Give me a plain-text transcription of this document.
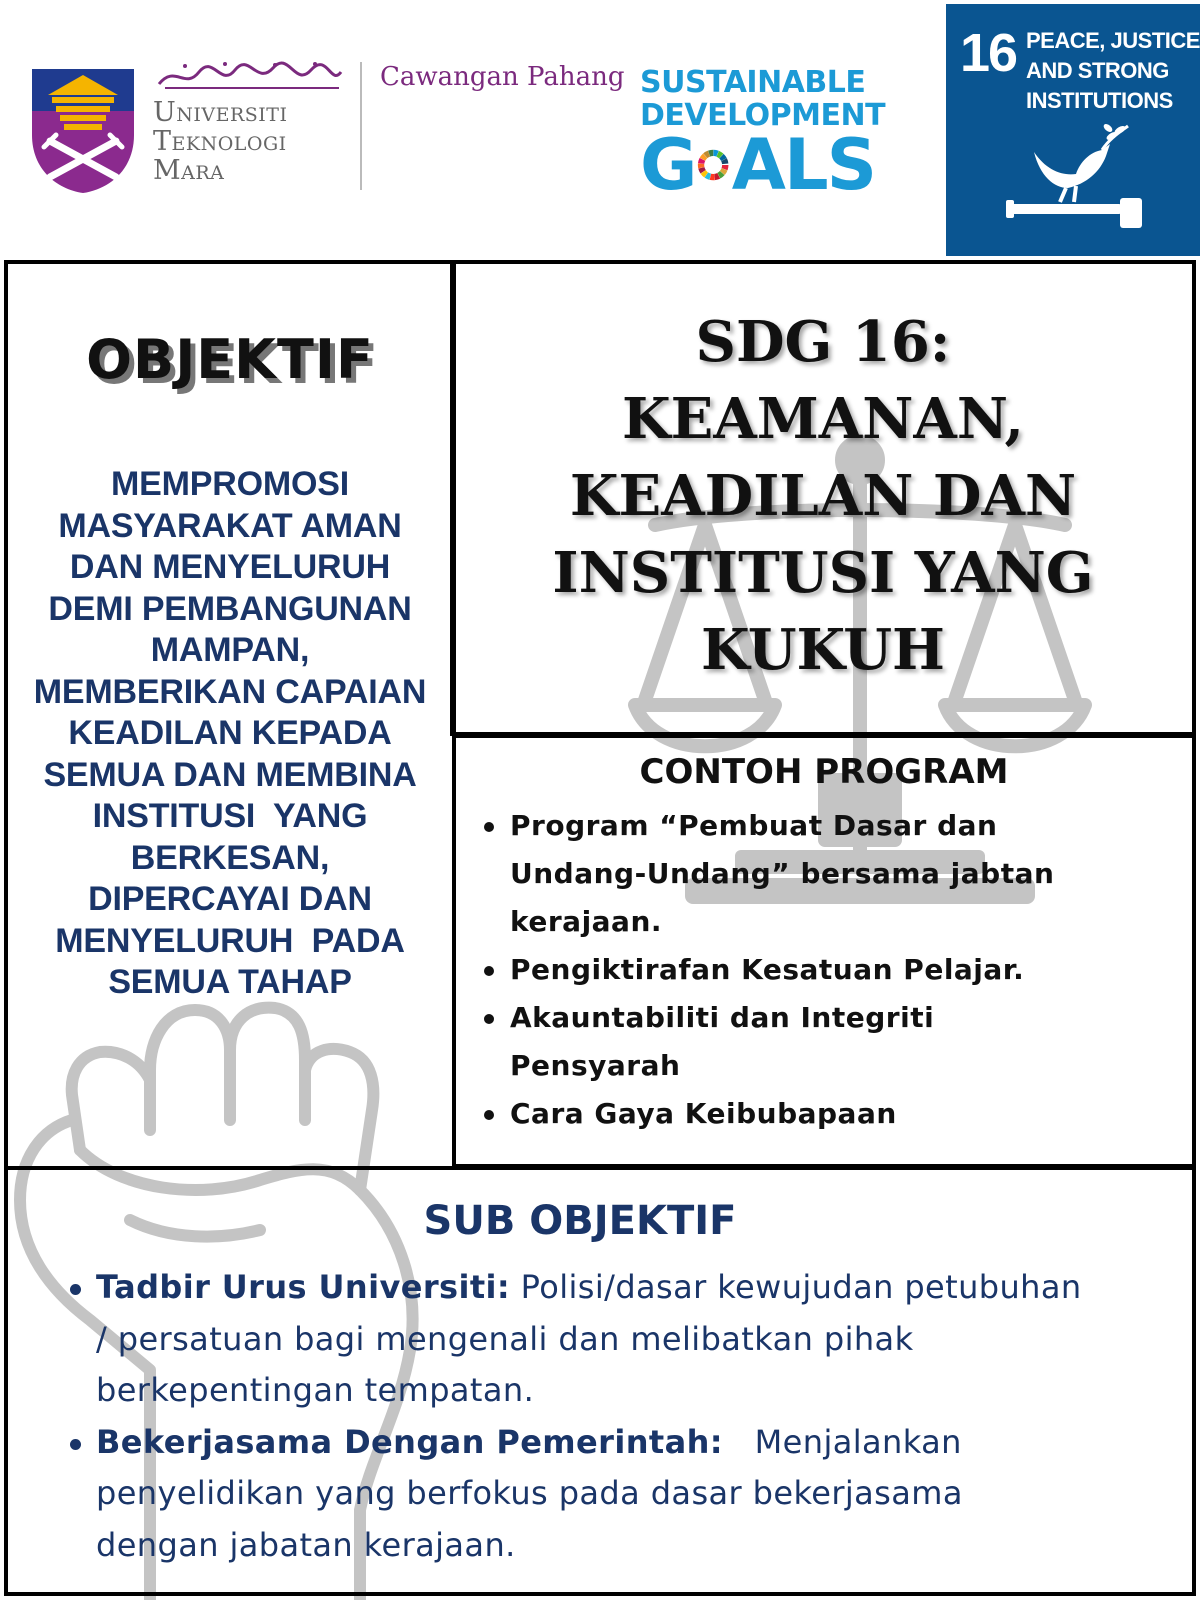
Universiti
Teknologi
Mara
Cawangan Pahang SUSTAINABLE
DEVELOPMENT
G ALS
16 PEACE, JUSTICE
AND STRONG
INSTITUTIONS
OBJEKTIF
MEMPROMOSI
MASYARAKAT AMAN
DAN MENYELURUH
DEMI PEMBANGUNAN
MAMPAN,
MEMBERIKAN CAPAIAN
KEADILAN KEPADA
SEMUA DAN MEMBINA
INSTITUSI  YANG
BERKESAN,
DIPERCAYAI DAN
MENYELURUH  PADA
SEMUA TAHAP
SDG 16:
KEAMANAN,
KEADILAN DAN
INSTITUSI YANG
KUKUH
CONTOH PROGRAM
Program “Pembuat Dasar dan
Undang-Undang” bersama jabtan
kerajaan.
Pengiktirafan Kesatuan Pelajar.
Akauntabiliti dan Integriti
Pensyarah
Cara Gaya Keibubapaan
SUB OBJEKTIF
Tadbir Urus Universiti: Polisi/dasar kewujudan petubuhan
/ persatuan bagi mengenali dan melibatkan pihak
berkepentingan tempatan.
Bekerjasama Dengan Pemerintah:   Menjalankan
penyelidikan yang berfokus pada dasar bekerjasama
dengan jabatan kerajaan.
